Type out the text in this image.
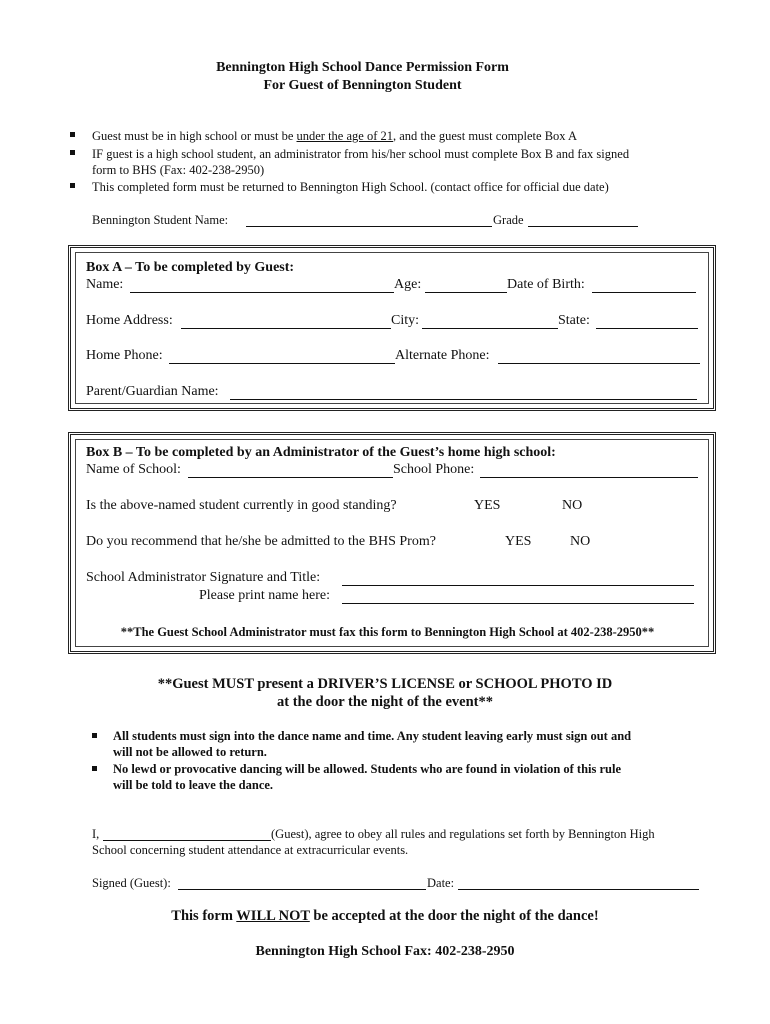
Bennington High School Dance Permission Form
For Guest of Bennington Student
Guest must be in high school or must be under the age of 21, and the guest must complete Box A
IF guest is a high school student, an administrator from his/her school must complete Box B and fax signed
form to BHS (Fax: 402-238-2950)
This completed form must be returned to Bennington High School. (contact office for official due date)
Bennington Student Name:	Grade
Box A – To be completed by Guest:
Name:	Age:	Date of Birth:
Home Address:	City:	State:
Home Phone:	Alternate Phone:
Parent/Guardian Name:
Box B – To be completed by an Administrator of the Guest’s home high school:
Name of School:	School Phone:
Is the above-named student currently in good standing?	YES	NO
Do you recommend that he/she be admitted to the BHS Prom?	YES	NO
School Administrator Signature and Title:
Please print name here:
**The Guest School Administrator must fax this form to Bennington High School at 402-238-2950**
**Guest MUST present a DRIVER’S LICENSE or SCHOOL PHOTO ID
at the door the night of the event**
All students must sign into the dance name and time. Any student leaving early must sign out and
will not be allowed to return.
No lewd or provocative dancing will be allowed. Students who are found in violation of this rule
will be told to leave the dance.
I,	(Guest), agree to obey all rules and regulations set forth by Bennington High
School concerning student attendance at extracurricular events.
Signed (Guest):	Date:
This form WILL NOT be accepted at the door the night of the dance!
Bennington High School Fax: 402-238-2950
